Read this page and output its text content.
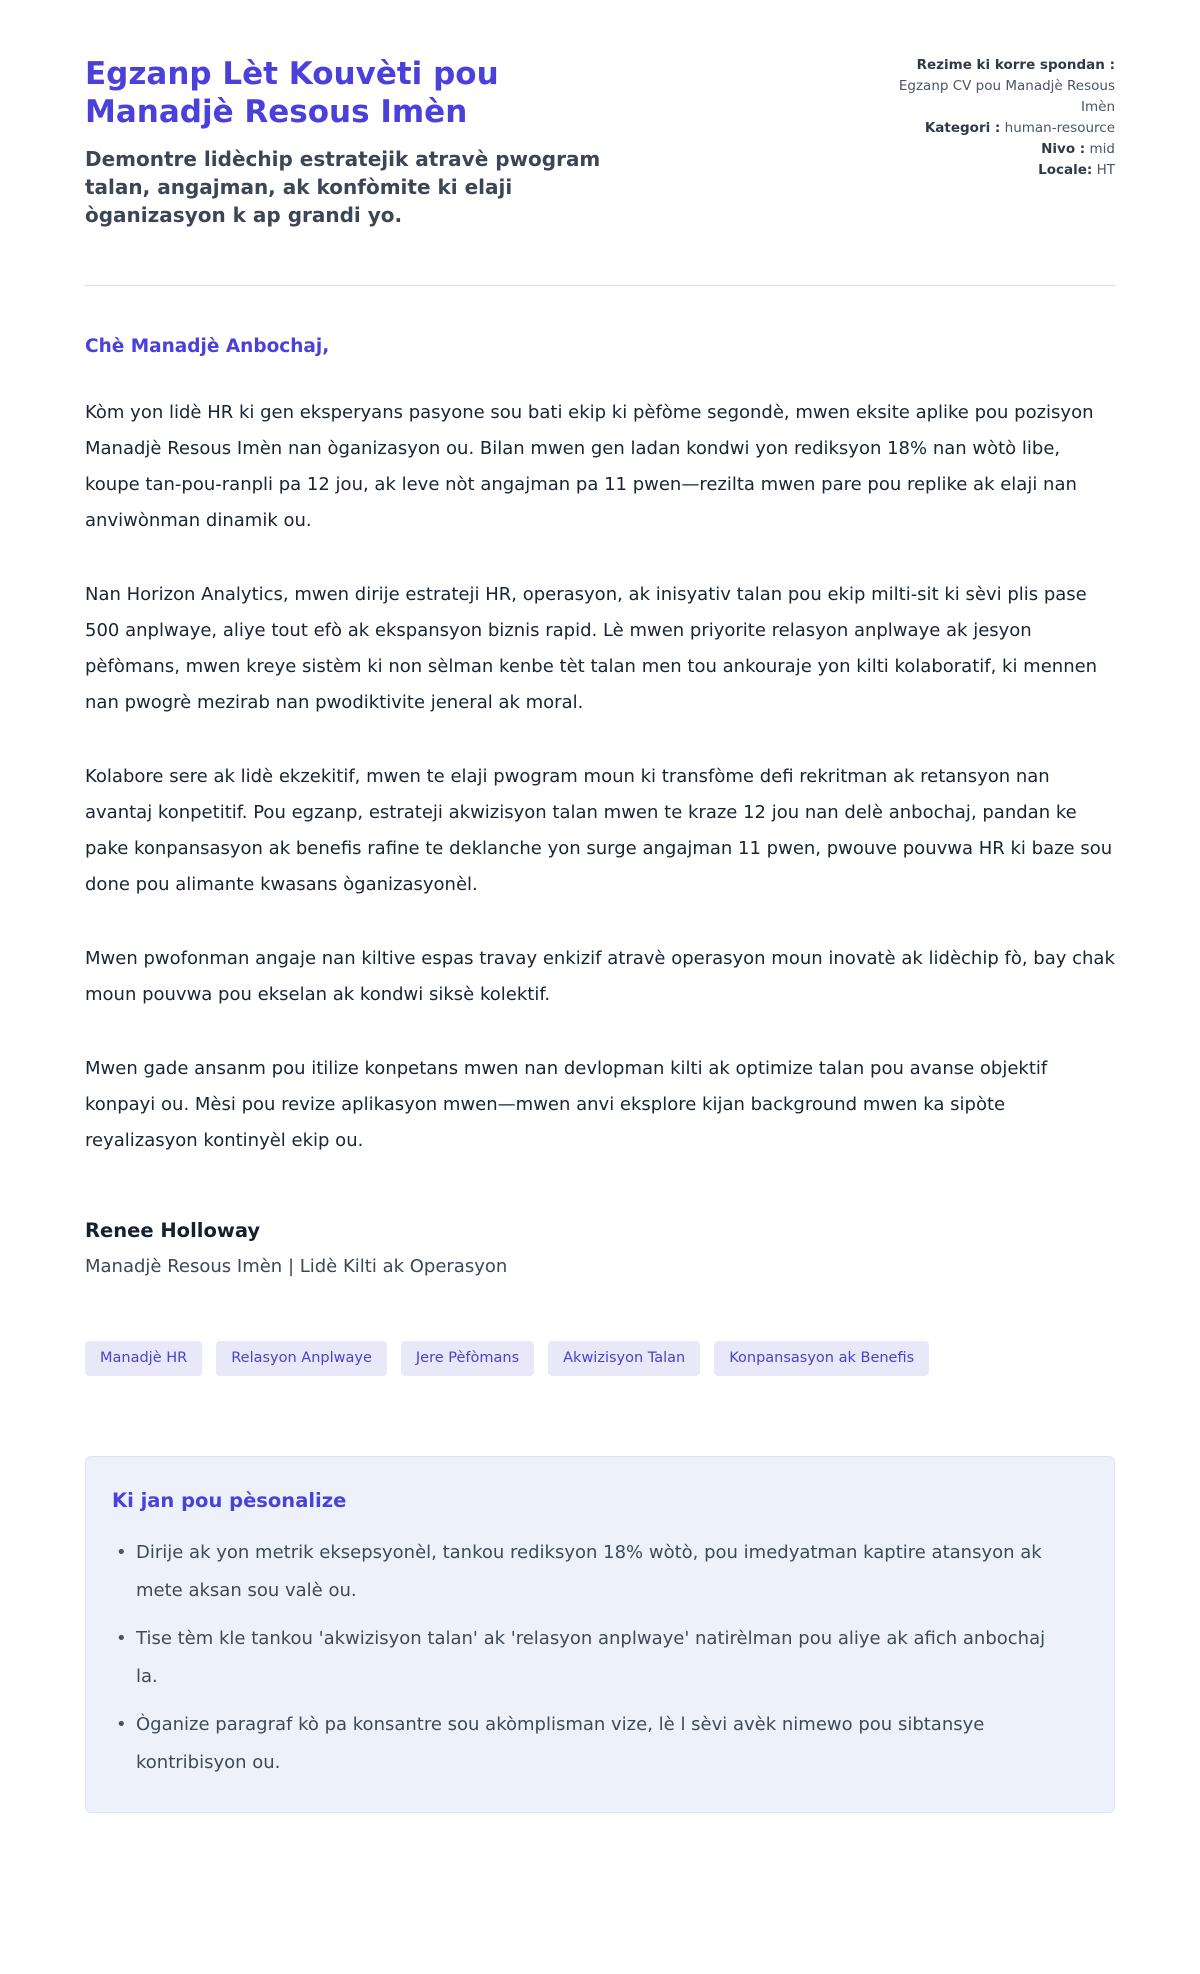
Egzanp Lèt Kouvèti pou Manadjè Resous Imèn

Demontre lidèchip estratejik atravè pwogram talan, angajman, ak konfòmite ki elaji òganizasyon k ap grandi yo.

Rezime ki korre spondan :
Egzanp CV pou Manadjè Resous Imèn
Kategori : human-resource
Nivo : mid
Locale: HT

Chè Manadjè Anbochaj,

Kòm yon lidè HR ki gen eksperyans pasyone sou bati ekip ki pèfòme segondè, mwen eksite aplike pou pozisyon Manadjè Resous Imèn nan òganizasyon ou. Bilan mwen gen ladan kondwi yon rediksyon 18% nan wòtò libe, koupe tan-pou-ranpli pa 12 jou, ak leve nòt angajman pa 11 pwen—rezilta mwen pare pou replike ak elaji nan anviwònman dinamik ou.

Nan Horizon Analytics, mwen dirije estrateji HR, operasyon, ak inisyativ talan pou ekip milti-sit ki sèvi plis pase 500 anplwaye, aliye tout efò ak ekspansyon biznis rapid. Lè mwen priyorite relasyon anplwaye ak jesyon pèfòmans, mwen kreye sistèm ki non sèlman kenbe tèt talan men tou ankouraje yon kilti kolaboratif, ki mennen nan pwogrè mezirab nan pwodiktivite jeneral ak moral.

Kolabore sere ak lidè ekzekitif, mwen te elaji pwogram moun ki transfòme defi rekritman ak retansyon nan avantaj konpetitif. Pou egzanp, estrateji akwizisyon talan mwen te kraze 12 jou nan delè anbochaj, pandan ke pake konpansasyon ak benefis rafine te deklanche yon surge angajman 11 pwen, pwouve pouvwa HR ki baze sou done pou alimante kwasans òganizasyonèl.

Mwen pwofonman angaje nan kiltive espas travay enkizif atravè operasyon moun inovatè ak lidèchip fò, bay chak moun pouvwa pou ekselan ak kondwi siksè kolektif.

Mwen gade ansanm pou itilize konpetans mwen nan devlopman kilti ak optimize talan pou avanse objektif konpayi ou. Mèsi pou revize aplikasyon mwen—mwen anvi eksplore kijan background mwen ka sipòte reyalizasyon kontinyèl ekip ou.

Renee Holloway

Manadjè Resous Imèn | Lidè Kilti ak Operasyon

Manadjè HR	Relasyon Anplwaye	Jere Pèfòmans	Akwizisyon Talan	Konpansasyon ak Benefis
Ki jan pou pèsonalize
• Dirije ak yon metrik eksepsyonèl, tankou rediksyon 18% wòtò, pou imedyatman kaptire atansyon ak mete aksan sou valè ou.
• Tise tèm kle tankou 'akwizisyon talan' ak 'relasyon anplwaye' natirèlman pou aliye ak afich anbochaj la.
• Òganize paragraf kò pa konsantre sou akòmplisman vize, lè l sèvi avèk nimewo pou sibtansye kontribisyon ou.
